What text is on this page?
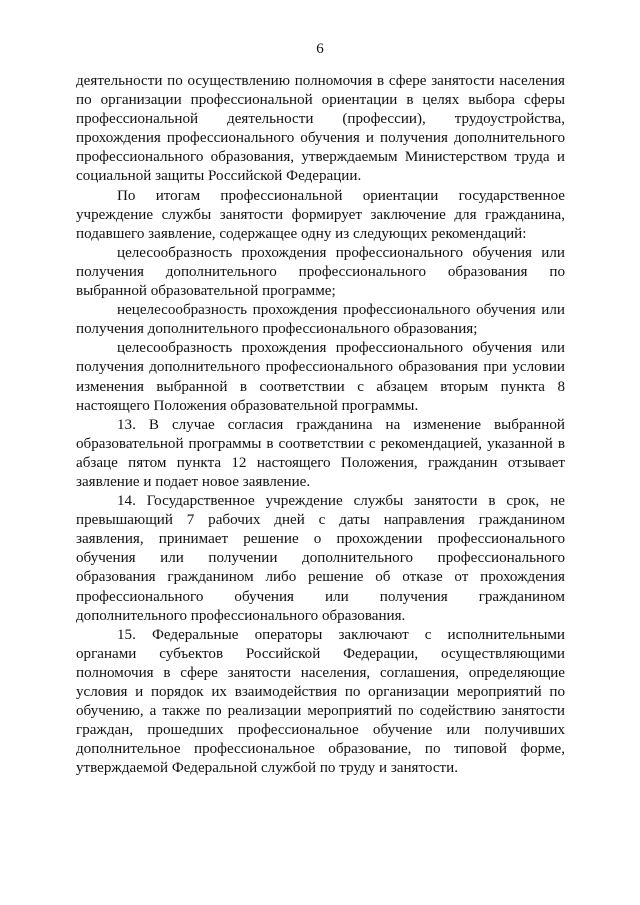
6

деятельности по осуществлению полномочия в сфере занятости населения по организации профессиональной ориентации в целях выбора сферы профессиональной деятельности (профессии), трудоустройства, прохождения профессионального обучения и получения дополнительного профессионального образования, утверждаемым Министерством труда и социальной защиты Российской Федерации.

По итогам профессиональной ориентации государственное учреждение службы занятости формирует заключение для гражданина, подавшего заявление, содержащее одну из следующих рекомендаций:

целесообразность прохождения профессионального обучения или получения дополнительного профессионального образования по выбранной образовательной программе;

нецелесообразность прохождения профессионального обучения или получения дополнительного профессионального образования;

целесообразность прохождения профессионального обучения или получения дополнительного профессионального образования при условии изменения выбранной в соответствии с абзацем вторым пункта 8 настоящего Положения образовательной программы.

13. В случае согласия гражданина на изменение выбранной образовательной программы в соответствии с рекомендацией, указанной в абзаце пятом пункта 12 настоящего Положения, гражданин отзывает заявление и подает новое заявление.

14. Государственное учреждение службы занятости в срок, не превышающий 7 рабочих дней с даты направления гражданином заявления, принимает решение о прохождении профессионального обучения или получении дополнительного профессионального образования гражданином либо решение об отказе от прохождения профессионального обучения или получения гражданином дополнительного профессионального образования.

15. Федеральные операторы заключают с исполнительными органами субъектов Российской Федерации, осуществляющими полномочия в сфере занятости населения, соглашения, определяющие условия и порядок их взаимодействия по организации мероприятий по обучению, а также по реализации мероприятий по содействию занятости граждан, прошедших профессиональное обучение или получивших дополнительное профессиональное образование, по типовой форме, утверждаемой Федеральной службой по труду и занятости.
